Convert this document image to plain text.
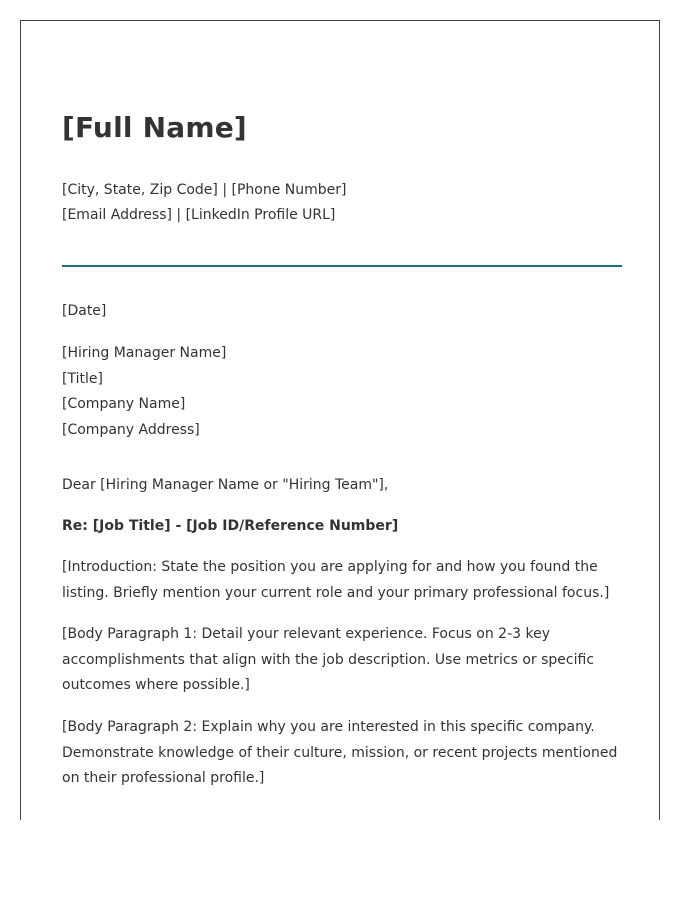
[Full Name]
[City, State, Zip Code] | [Phone Number]
[Email Address] | [LinkedIn Profile URL]
[Date]
[Hiring Manager Name]
[Title]
[Company Name]
[Company Address]
Dear [Hiring Manager Name or "Hiring Team"],
Re: [Job Title] - [Job ID/Reference Number]
[Introduction: State the position you are applying for and how you found the
listing. Briefly mention your current role and your primary professional focus.]
[Body Paragraph 1: Detail your relevant experience. Focus on 2-3 key
accomplishments that align with the job description. Use metrics or specific
outcomes where possible.]
[Body Paragraph 2: Explain why you are interested in this specific company.
Demonstrate knowledge of their culture, mission, or recent projects mentioned
on their professional profile.]
